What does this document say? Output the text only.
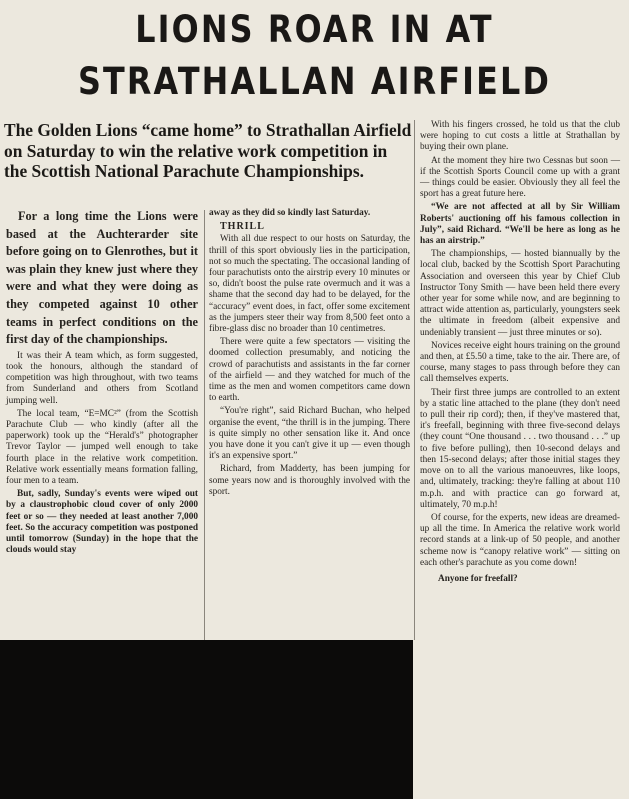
LIONS ROAR IN AT
STRATHALLAN AIRFIELD

The Golden Lions “came home” to Strathallan Airfield on Saturday to win the relative work competition in the Scottish National Parachute Championships.

For a long time the Lions were based at the Auchterarder site before going on to Glenrothes, but it was plain they knew just where they were and what they were doing as they competed against 10 other teams in perfect conditions on the first day of the championships.

It was their A team which, as form suggested, took the honours, although the standard of competition was high throughout, with two teams from Sunderland and others from Scotland jumping well.

The local team, “E=MC²” (from the Scottish Parachute Club — who kindly (after all the paperwork) took up the “Herald's” photographer Trevor Taylor — jumped well enough to take fourth place in the relative work competition. Relative work essentially means formation falling, four men to a team.

But, sadly, Sunday's events were wiped out by a claustrophobic cloud cover of only 2000 feet or so — they needed at least another 7,000 feet. So the accuracy competition was postponed until tomorrow (Sunday) in the hope that the clouds would stay

away as they did so kindly last Saturday.

THRILL

With all due respect to our hosts on Saturday, the thrill of this sport obviously lies in the participation, not so much the spectating. The occasional landing of four parachutists onto the airstrip every 10 minutes or so, didn't boost the pulse rate overmuch and it was a shame that the second day had to be delayed, for the “accuracy” event does, in fact, offer some excitement as the jumpers steer their way from 8,500 feet onto a fibre-glass disc no broader than 10 centimetres.

There were quite a few spectators — visiting the doomed collection presumably, and noticing the crowd of parachutists and assistants in the far corner of the airfield — and they watched for much of the time as the men and women competitors came down to earth.

“You're right”, said Richard Buchan, who helped organise the event, “the thrill is in the jumping. There is quite simply no other sensation like it. And once you have done it you can't give it up — even though it's an expensive sport.”

Richard, from Madderty, has been jumping for some years now and is thoroughly involved with the sport.

With his fingers crossed, he told us that the club were hoping to cut costs a little at Strathallan by buying their own plane.

At the moment they hire two Cessnas but soon — if the Scottish Sports Council come up with a grant — things could be easier. Obviously they all feel the sport has a great future here.

“We are not affected at all by Sir William Roberts' auctioning off his famous collection in July”, said Richard. “We'll be here as long as he has an airstrip.”

The championships, — hosted biannually by the local club, backed by the Scottish Sport Parachuting Association and overseen this year by Chief Club Instructor Tony Smith — have been held there every other year for some while now, and are beginning to attract wide attention as, particularly, youngsters seek the ultimate in freedom (albeit expensive and undeniably transient — just three minutes or so).

Novices receive eight hours training on the ground and then, at £5.50 a time, take to the air. There are, of course, many stages to pass through before they can call themselves experts.

Their first three jumps are controlled to an extent by a static line attached to the plane (they don't need to pull their rip cord); then, if they've mastered that, it's freefall, beginning with three five-second delays (they count “One thousand . . . two thousand . . .” up to five before pulling), then 10-second delays and then 15-second delays; after those initial stages they move on to all the various manoeuvres, like loops, and, ultimately, tracking: they're falling at about 110 m.p.h. and with practice can go forward at, ultimately, 70 m.p.h!

Of course, for the experts, new ideas are dreamed-up all the time. In America the relative work world record stands at a link-up of 50 people, and another scheme now is “canopy relative work” — sitting on each other's parachute as you come down!

Anyone for freefall?
